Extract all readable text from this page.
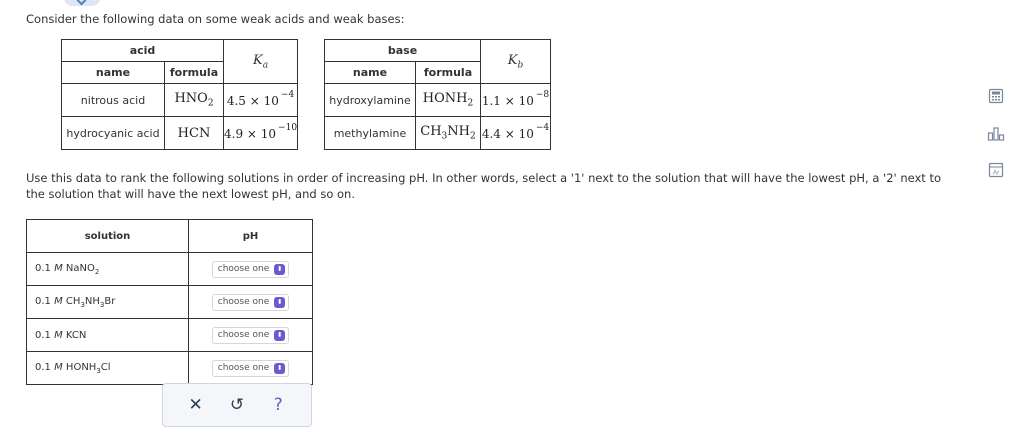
Consider the following data on some weak acids and weak bases:
acid		$K_a$
name	formula	
nitrous acid	$HNO_2$	4.5 × 10 $^{-4}$
hydrocyanic acid	HCN	4.9 × 10 $^{-10}$
base		$K_b$
name	formula	
hydroxylamine	$HONH_2$	1.1 × 10 $^{-8}$
methylamine	$CH_3NH_2$	4.4 × 10 $^{-4}$
Use this data to rank the following solutions in order of increasing pH. In other words, select a '1' next to the solution that will have the lowest pH, a '2' next to the solution that will have the next lowest pH, and so on.
solution	pH
0.1 M NaNO$_2$	choose one ⬍

0.1 M $CH_3NH_3Br$	choose one ⬍

0.1 M KCN	choose one ⬍

0.1 M $HONH_3Cl$	choose one ⬍
✕	↺	?
Ar
